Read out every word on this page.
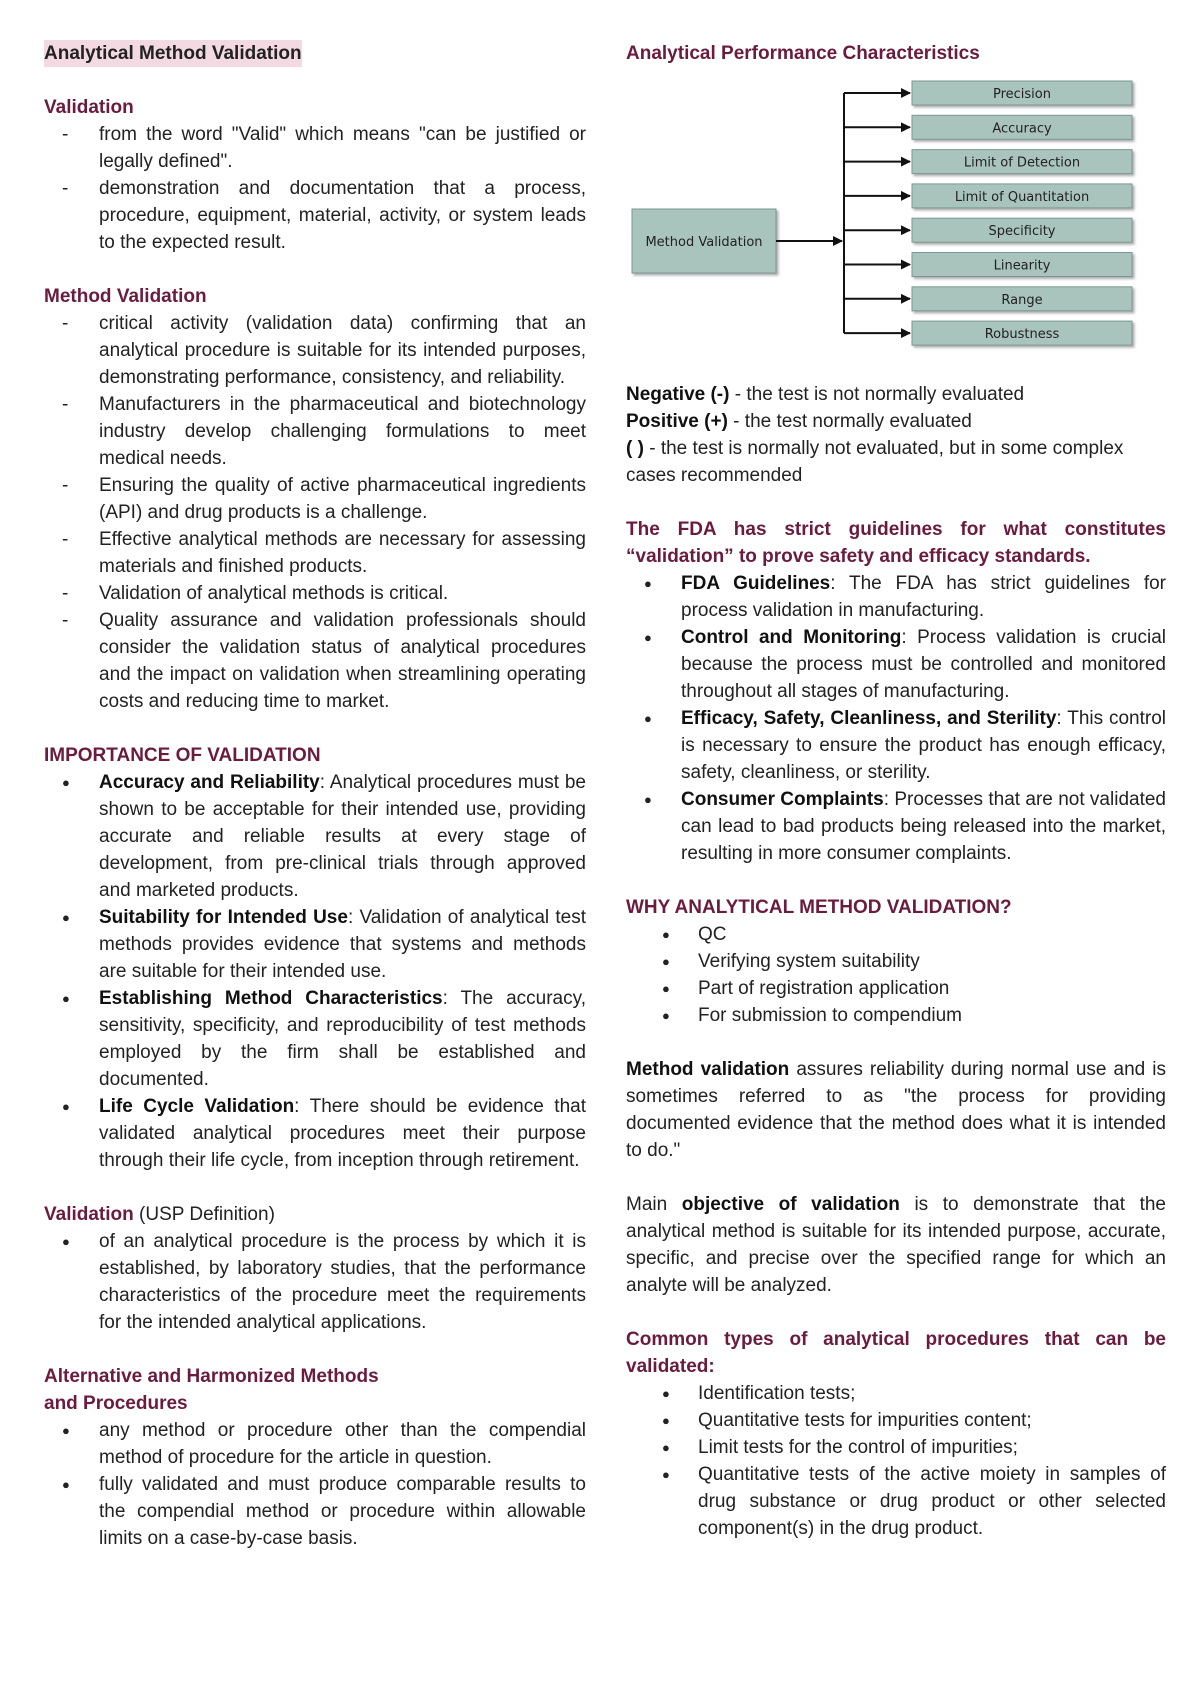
Analytical Method Validation
Validation
- from the word "Valid" which means "can be justified or legally defined".
- demonstration and documentation that a process, procedure, equipment, material, activity, or system leads to the expected result.
Method Validation
- critical activity (validation data) confirming that an analytical procedure is suitable for its intended purposes, demonstrating performance, consistency, and reliability.
- Manufacturers in the pharmaceutical and biotechnology industry develop challenging formulations to meet medical needs.
- Ensuring the quality of active pharmaceutical ingredients (API) and drug products is a challenge.
- Effective analytical methods are necessary for assessing materials and finished products.
- Validation of analytical methods is critical.
- Quality assurance and validation professionals should consider the validation status of analytical procedures and the impact on validation when streamlining operating costs and reducing time to market.
IMPORTANCE OF VALIDATION
● Accuracy and Reliability: Analytical procedures must be shown to be acceptable for their intended use, providing accurate and reliable results at every stage of development, from pre-clinical trials through approved and marketed products.
● Suitability for Intended Use: Validation of analytical test methods provides evidence that systems and methods are suitable for their intended use.
● Establishing Method Characteristics: The accuracy, sensitivity, specificity, and reproducibility of test methods employed by the firm shall be established and documented.
● Life Cycle Validation: There should be evidence that validated analytical procedures meet their purpose through their life cycle, from inception through retirement.
Validation (USP Definition)
● of an analytical procedure is the process by which it is established, by laboratory studies, that the performance characteristics of the procedure meet the requirements for the intended analytical applications.
Alternative and Harmonized Methods
and Procedures
● any method or procedure other than the compendial method of procedure for the article in question.
● fully validated and must produce comparable results to the compendial method or procedure within allowable limits on a case-by-case basis.
Analytical Performance Characteristics
Method Validation
Precision
Accuracy
Limit of Detection
Limit of Quantitation
Specificity
Linearity
Range
Robustness
Negative (-) - the test is not normally evaluated
Positive (+) - the test normally evaluated
( ) - the test is normally not evaluated, but in some complex cases recommended

The FDA has strict guidelines for what constitutes “validation” to prove safety and efficacy standards.

● FDA Guidelines: The FDA has strict guidelines for process validation in manufacturing.
● Control and Monitoring: Process validation is crucial because the process must be controlled and monitored throughout all stages of manufacturing.
● Efficacy, Safety, Cleanliness, and Sterility: This control is necessary to ensure the product has enough efficacy, safety, cleanliness, or sterility.
● Consumer Complaints: Processes that are not validated can lead to bad products being released into the market, resulting in more consumer complaints.
WHY ANALYTICAL METHOD VALIDATION?
● QC
● Verifying system suitability
● Part of registration application
● For submission to compendium

Method validation assures reliability during normal use and is sometimes referred to as "the process for providing documented evidence that the method does what it is intended to do."

Main objective of validation is to demonstrate that the analytical method is suitable for its intended purpose, accurate, specific, and precise over the specified range for which an analyte will be analyzed.

Common types of analytical procedures that can be validated:

● Identification tests;
● Quantitative tests for impurities content;
● Limit tests for the control of impurities;
● Quantitative tests of the active moiety in samples of drug substance or drug product or other selected component(s) in the drug product.
